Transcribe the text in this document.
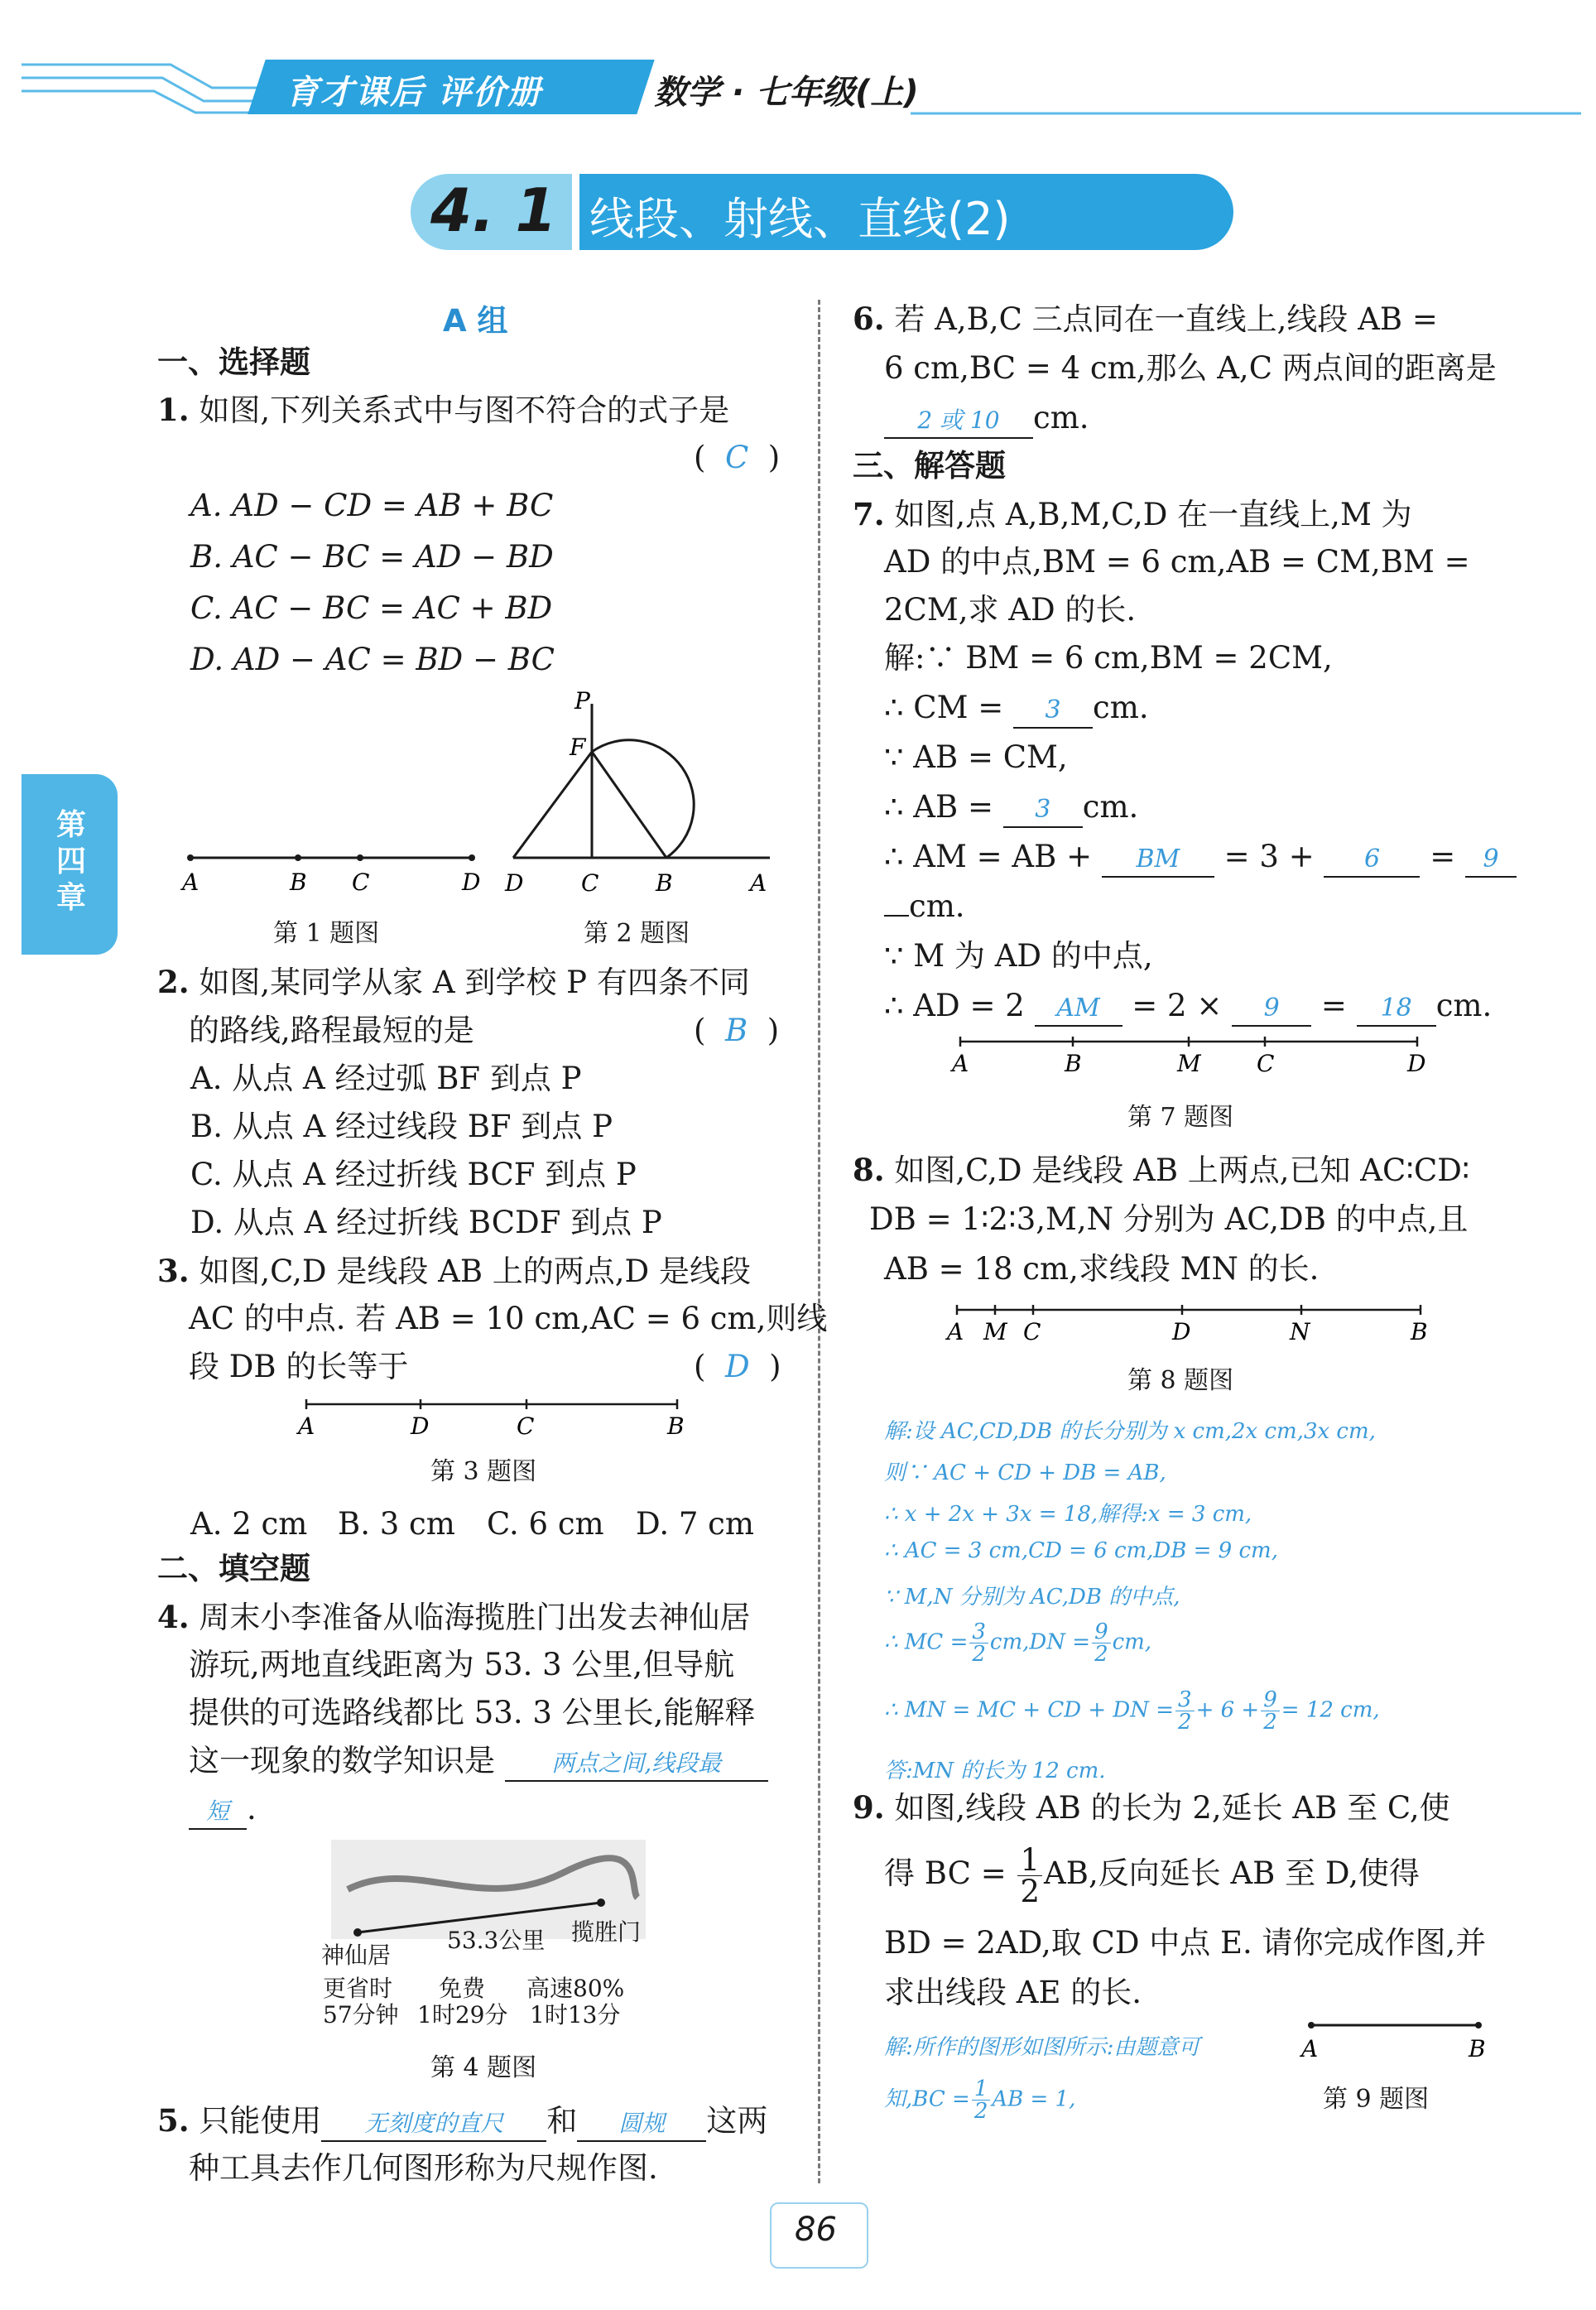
育才课后 评价册	数学 · 七年级(上)
4. 1 线段、射线、直线(2)
第四章
A 组
一、选择题
1. 如图,下列关系式中与图不符合的式子是
(  C  )
A. AD − CD = AB + BC
B. AC − BC = AD − BD
C. AC − BC = AC + BD
D. AD − AC = BD − BC
A	B C	D
第 1 题图
P
F
D C B	A
第 2 题图
2. 如图,某同学从家 A 到学校 P 有四条不同
的路线,路程最短的是	(  B  )
A. 从点 A 经过弧 BF 到点 P
B. 从点 A 经过线段 BF 到点 P
C. 从点 A 经过折线 BCF 到点 P
D. 从点 A 经过折线 BCDF 到点 P
3. 如图,C,D 是线段 AB 上的两点,D 是线段
AC 的中点. 若 AB = 10 cm,AC = 6 cm,则线
段 DB 的长等于	(  D  )
A	D	C	B
第 3 题图
A. 2 cm B. 3 cm C. 6 cm D. 7 cm
二、填空题
4. 周末小李准备从临海揽胜门出发去神仙居
游玩,两地直线距离为 53. 3 公里,但导航
提供的可选路线都比 53. 3 公里长,能解释
这一现象的数学知识是 两点之间,线段最
短 .
神仙居
53.3公里 揽胜门
更省时 免费 高速80%
57分钟 1时29分 1时13分
第 4 题图
5. 只能使用 无刻度的直尺 和 圆规 这两
种工具去作几何图形称为尺规作图.
6. 若 A,B,C 三点同在一直线上,线段 AB =
6 cm,BC = 4 cm,那么 A,C 两点间的距离是
2 或 10 cm.
三、解答题
7. 如图,点 A,B,M,C,D 在一直线上,M 为
AD 的中点,BM = 6 cm,AB = CM,BM =
2CM,求 AD 的长.
解:∵ BM = 6 cm,BM = 2CM,
∴ CM = 3 cm.
∵ AB = CM,
∴ AB = 3 cm.
∴ AM = AB + BM = 3 + 6 = 9
cm.
∵ M 为 AD 的中点,
∴ AD = 2 AM = 2 × 9 = 18 cm.
A	B	M C	D
第 7 题图
8. 如图,C,D 是线段 AB 上两点,已知 AC∶CD∶
DB = 1∶2∶3,M,N 分别为 AC,DB 的中点,且
AB = 18 cm,求线段 MN 的长.
A M C	D	N	B
第 8 题图
解:设 AC,CD,DB 的长分别为 x cm,2x cm,3x cm,
则∵ AC + CD + DB = AB,
∴ x + 2x + 3x = 18,解得:x = 3 cm,
∴ AC = 3 cm,CD = 6 cm,DB = 9 cm,
∵ M,N 分别为 AC,DB 的中点,
∴ MC = $\frac{3}{2} cm,DN = \frac{9}{2}$ cm,
∴ MN = MC + CD + DN = $\frac{3}{2} + 6 + \frac{9}{2} = 12$ cm,
答:MN 的长为 12 cm.
9. 如图,线段 AB 的长为 2,延长 AB 至 C,使
得 BC = $\frac{1}{2}$ AB,反向延长 AB 至 D,使得
BD = 2AD,取 CD 中点 E. 请你完成作图,并
求出线段 AE 的长.
解:所作的图形如图所示:由题意可
知$,BC = \frac{1}{2}$ AB = 1,
A	B
第 9 题图
86
